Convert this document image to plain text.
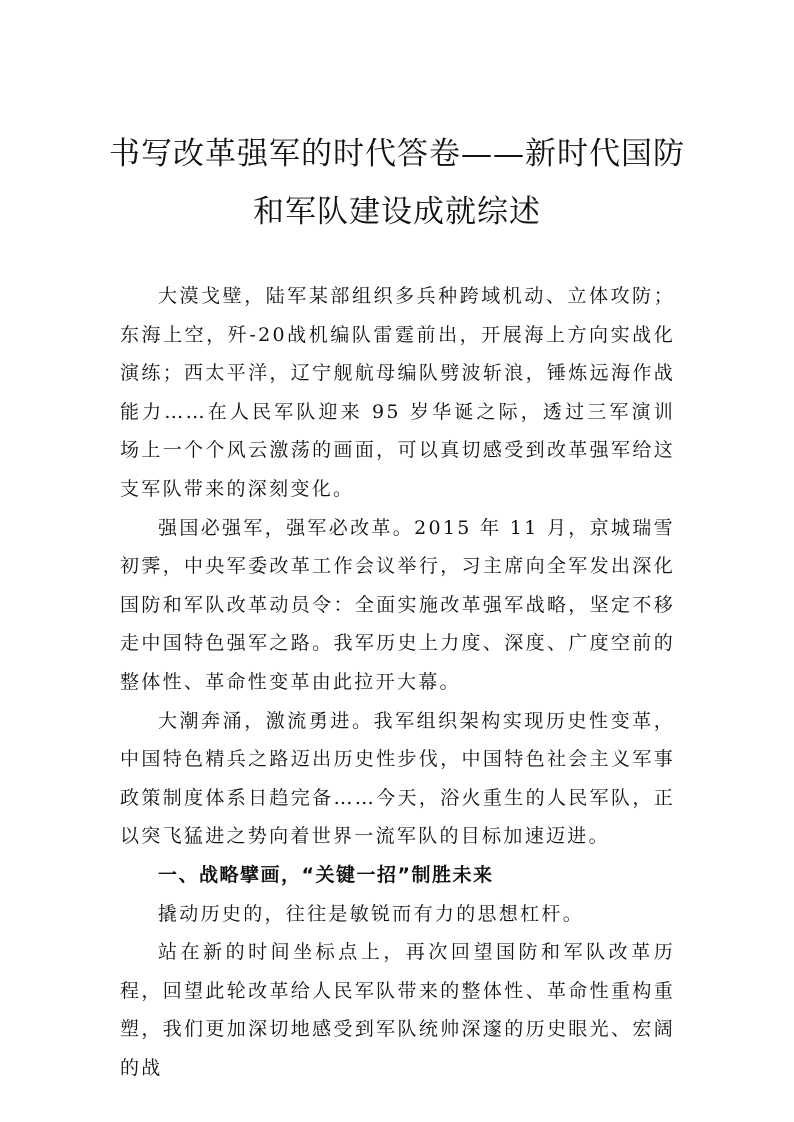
书写改革强军的时代答卷——新时代国防
和军队建设成就综述

大漠戈壁，陆军某部组织多兵种跨域机动、立体攻防；东海上空，歼-20战机编队雷霆前出，开展海上方向实战化演练；西太平洋，辽宁舰航母编队劈波斩浪，锤炼远海作战能力……在人民军队迎来 95 岁华诞之际，透过三军演训场上一个个风云激荡的画面，可以真切感受到改革强军给这支军队带来的深刻变化。

强国必强军，强军必改革。2015 年 11 月，京城瑞雪初霁，中央军委改革工作会议举行，习主席向全军发出深化国防和军队改革动员令：全面实施改革强军战略，坚定不移走中国特色强军之路。我军历史上力度、深度、广度空前的整体性、革命性变革由此拉开大幕。

大潮奔涌，激流勇进。我军组织架构实现历史性变革，中国特色精兵之路迈出历史性步伐，中国特色社会主义军事政策制度体系日趋完备……今天，浴火重生的人民军队，正以突飞猛进之势向着世界一流军队的目标加速迈进。

一、战略擘画，“关键一招”制胜未来

撬动历史的，往往是敏锐而有力的思想杠杆。

站在新的时间坐标点上，再次回望国防和军队改革历程，回望此轮改革给人民军队带来的整体性、革命性重构重塑，我们更加深切地感受到军队统帅深邃的历史眼光、宏阔的战
